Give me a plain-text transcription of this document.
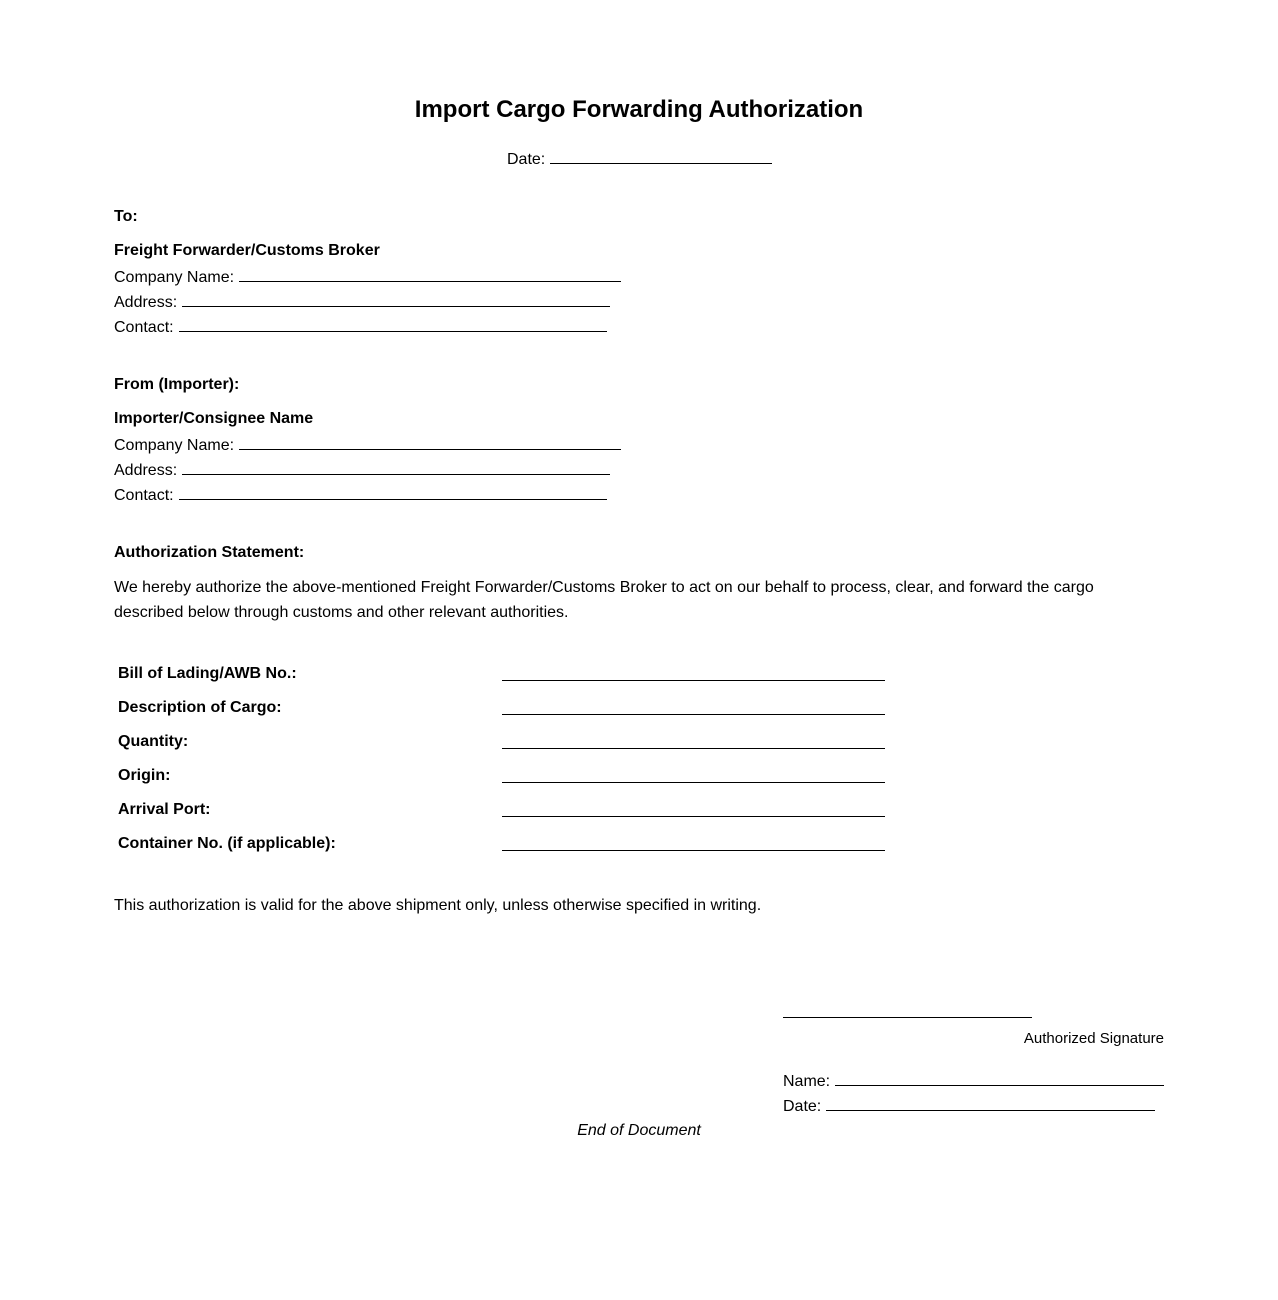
Import Cargo Forwarding Authorization
Date:
To:
Freight Forwarder/Customs Broker
Company Name:
Address:
Contact:
From (Importer):
Importer/Consignee Name
Company Name:
Address:
Contact:
Authorization Statement:
We hereby authorize the above-mentioned Freight Forwarder/Customs Broker to act on our behalf to process, clear, and forward the cargo described below through customs and other relevant authorities.
Bill of Lading/AWB No.:
Description of Cargo:
Quantity:
Origin:
Arrival Port:
Container No. (if applicable):
This authorization is valid for the above shipment only, unless otherwise specified in writing.
Authorized Signature
Name:
Date:
End of Document
